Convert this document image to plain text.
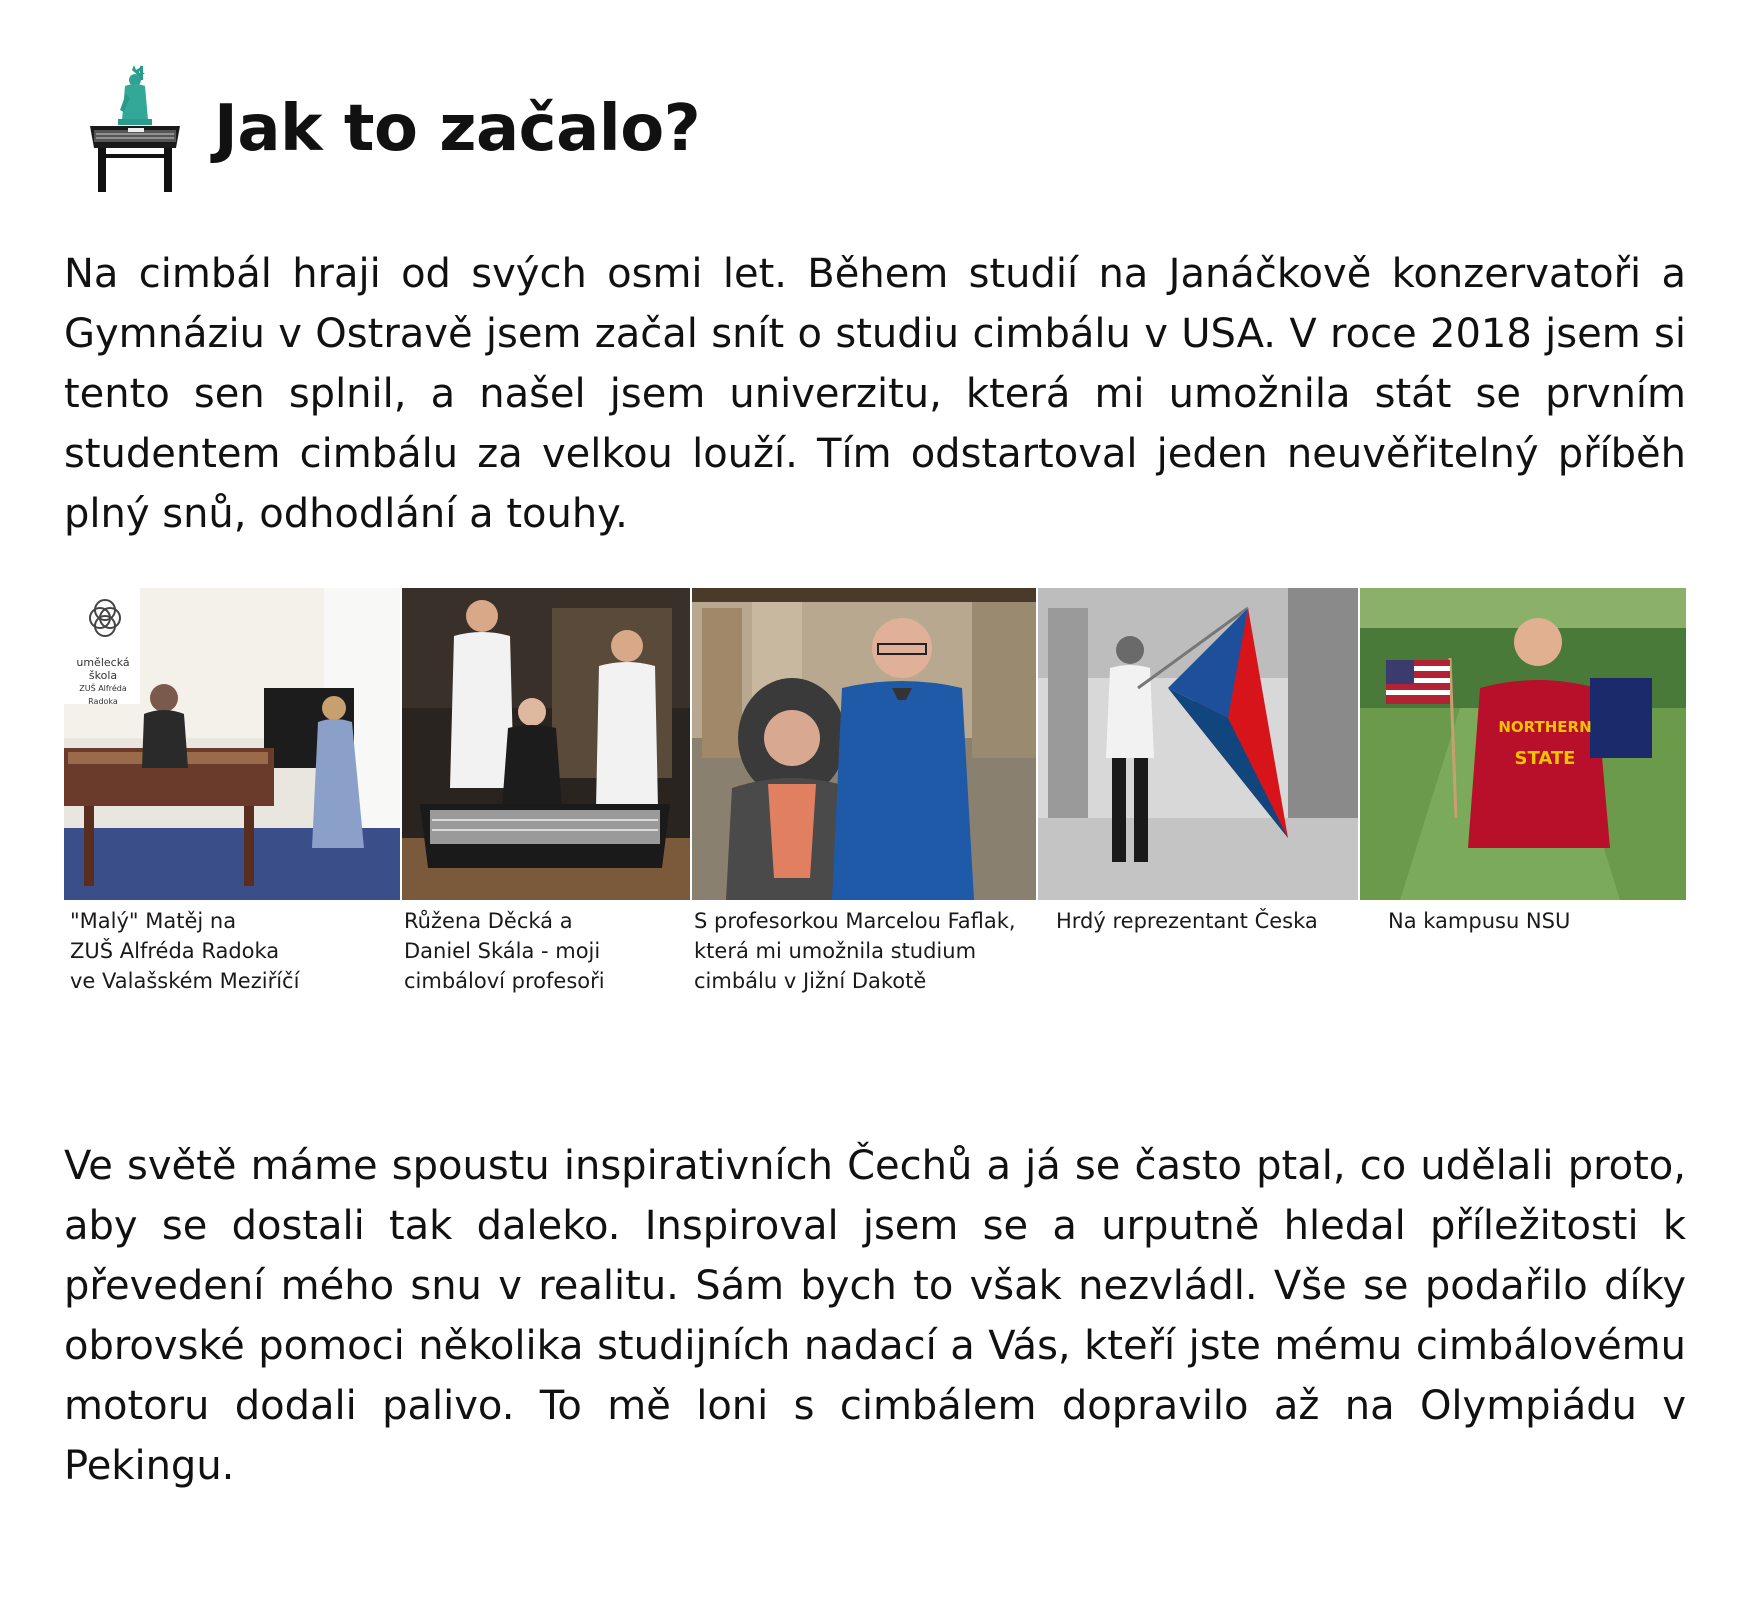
Jak to začalo?

Na cimbál hraji od svých osmi let. Během studií na Janáčkově konzervatoři a Gymnáziu v Ostravě jsem začal snít o studiu cimbálu v USA. V roce 2018 jsem si tento sen splnil, a našel jsem univerzitu, která mi umožnila stát se prvním studentem cimbálu za velkou louží. Tím odstartoval jeden neuvěřitelný příběh plný snů, odhodlání a touhy.

umělecká škola
ZUŠ Alfréda Radoka
NORTHERN
STATE

"Malý" Matěj na
ZUŠ Alfréda Radoka
ve Valašském Meziříčí

Růžena Děcká a
Daniel Skála - moji
cimbáloví profesoři

S profesorkou Marcelou Faflak,
která mi umožnila studium
cimbálu v Jižní Dakotě

Hrdý reprezentant Česka	Na kampusu NSU

Ve světě máme spoustu inspirativních Čechů a já se často ptal, co udělali proto, aby se dostali tak daleko. Inspiroval jsem se a urputně hledal příležitosti k převedení mého snu v realitu. Sám bych to však nezvládl. Vše se podařilo díky obrovské pomoci několika studijních nadací a Vás, kteří jste mému cimbálovému motoru dodali palivo. To mě loni s cimbálem dopravilo až na Olympiádu v Pekingu.
